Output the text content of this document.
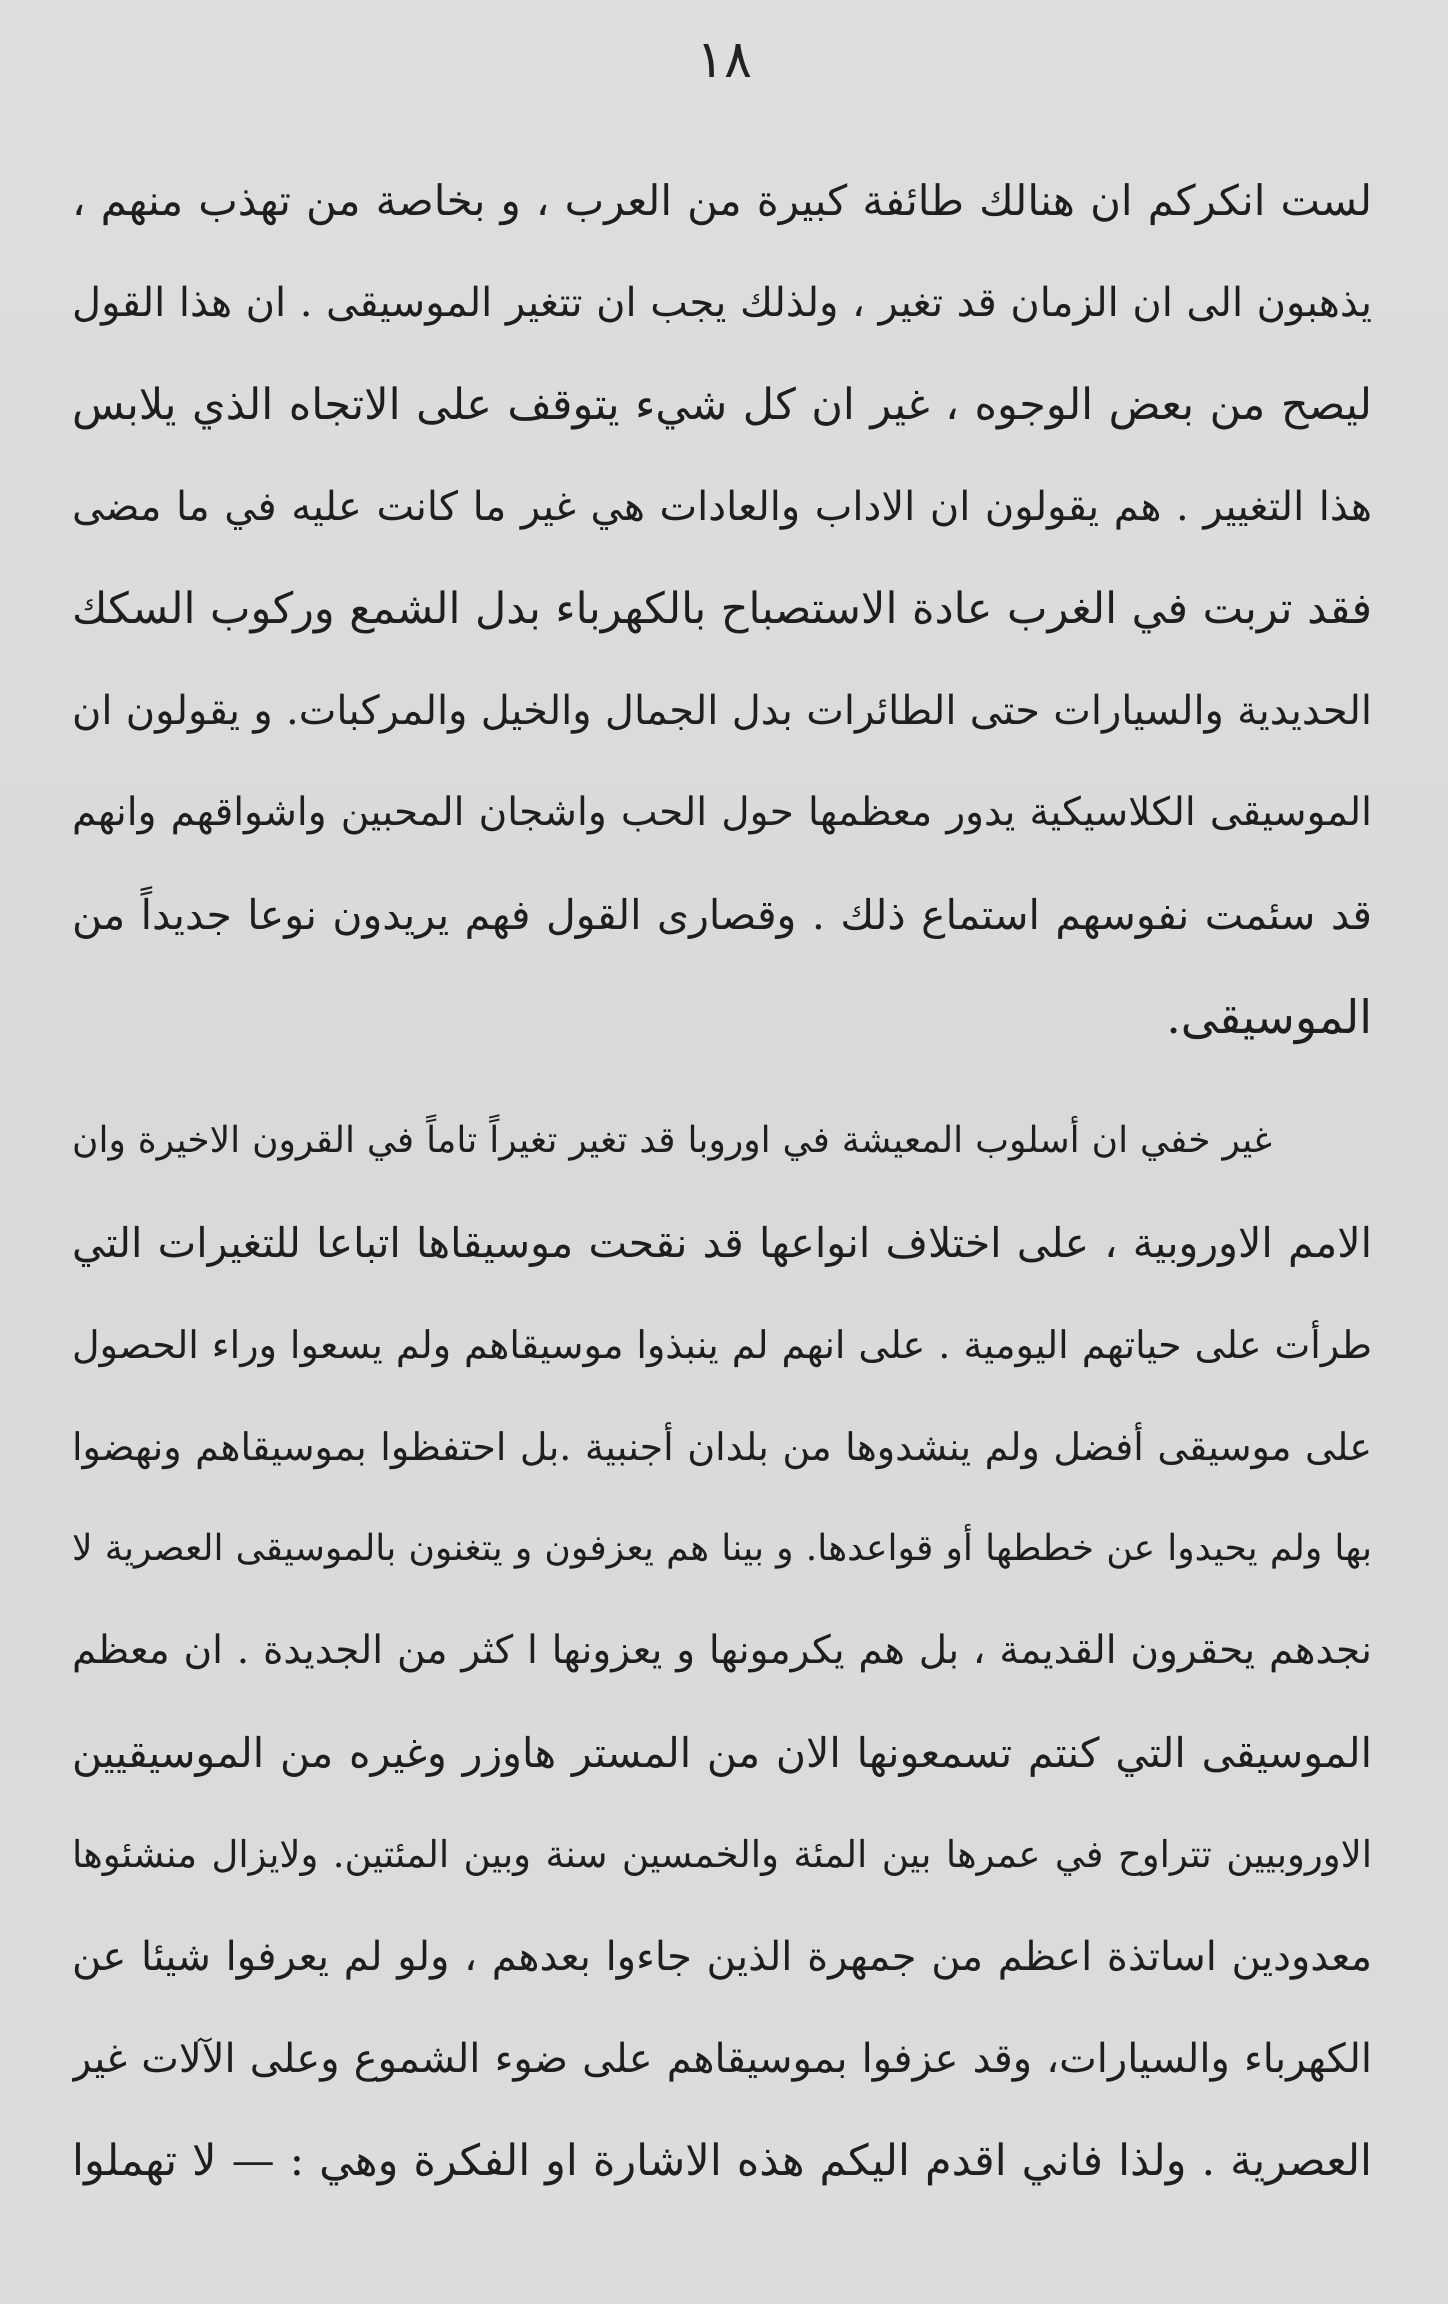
١٨
لست انكركم ان هنالك طائفة كبيرة من العرب ، و بخاصة من تهذب منهم ،
يذهبون الى ان الزمان قد تغير ، ولذلك يجب ان تتغير الموسيقى . ان هذا القول
ليصح من بعض الوجوه ، غير ان كل شيء يتوقف على الاتجاه الذي يلابس
هذا التغيير . هم يقولون ان الاداب والعادات هي غير ما كانت عليه في ما مضى
فقد تربت في الغرب عادة الاستصباح بالكهرباء بدل الشمع وركوب السكك
الحديدية والسيارات حتى الطائرات بدل الجمال والخيل والمركبات. و يقولون ان
الموسيقى الكلاسيكية يدور معظمها حول الحب واشجان المحبين واشواقهم وانهم
قد سئمت نفوسهم استماع ذلك . وقصارى القول فهم يريدون نوعا جديداً من
الموسيقى.
غير خفي ان أسلوب المعيشة في اوروبا قد تغير تغيراً تاماً في القرون الاخيرة وان
الامم الاوروبية ، على اختلاف انواعها قد نقحت موسيقاها اتباعا للتغيرات التي
طرأت على حياتهم اليومية . على انهم لم ينبذوا موسيقاهم ولم يسعوا وراء الحصول
على موسيقى أفضل ولم ينشدوها من بلدان أجنبية .بل احتفظوا بموسيقاهم ونهضوا
بها ولم يحيدوا عن خططها أو قواعدها. و بينا هم يعزفون و يتغنون بالموسيقى العصرية لا
نجدهم يحقرون القديمة ، بل هم يكرمونها و يعزونها ا كثر من الجديدة . ان معظم
الموسيقى التي كنتم تسمعونها الان من المستر هاوزر وغيره من الموسيقيين
الاوروبيين تتراوح في عمرها بين المئة والخمسين سنة وبين المئتين. ولايزال منشئوها
معدودين اساتذة اعظم من جمهرة الذين جاءوا بعدهم ، ولو لم يعرفوا شيئا عن
الكهرباء والسيارات، وقد عزفوا بموسيقاهم على ضوء الشموع وعلى الآلات غير
العصرية . ولذا فاني اقدم اليكم هذه الاشارة او الفكرة وهي : — لا تهملوا
